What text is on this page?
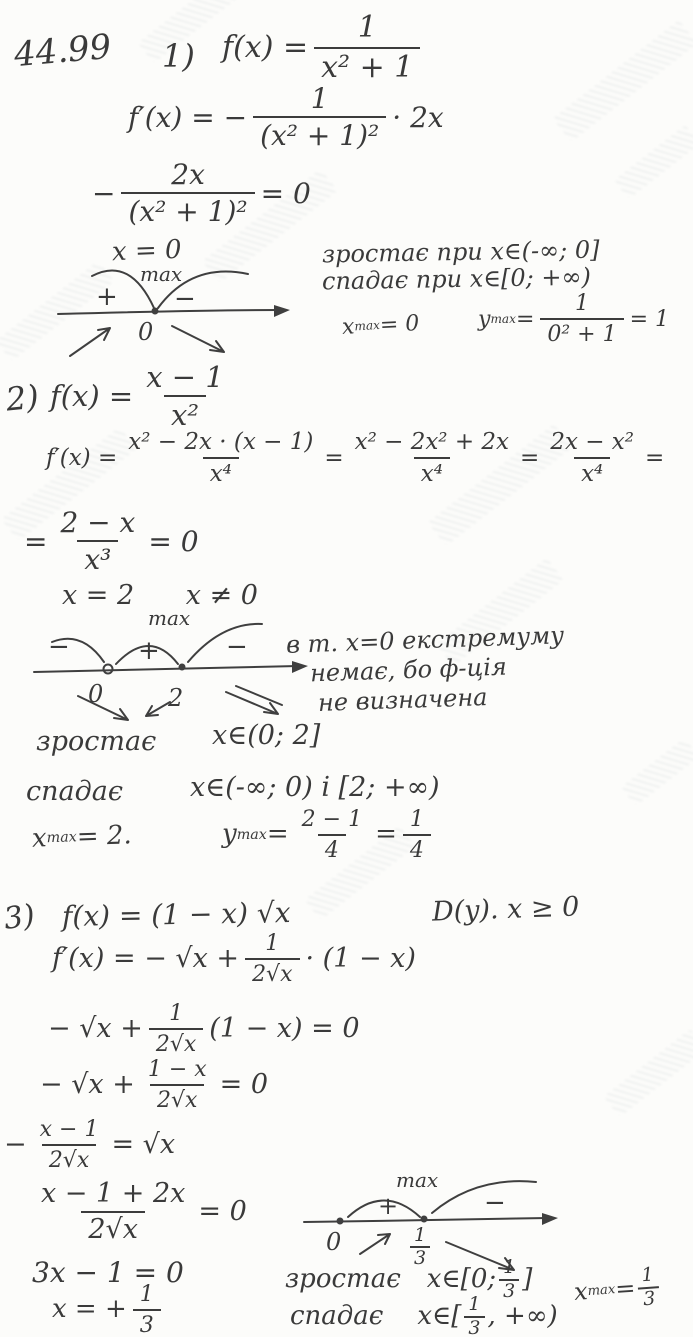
44.99 1) $f(x) = \frac{1}{\text{x² + 1}}$
f′(x) = − $\frac{1}{\text{(x² + 1)²}} \cdot 2x$
− $\frac{2x}{\text{(x² + 1)²}} = 0$
x = 0
max
+ −
0
зростає при x∈(-∞; 0]
спадає при x∈[0; +∞)
x
max
= 0	y $\max = \frac{1}{\text{0² + 1}} = 1$
2) $f(x) = \frac{x - 1}{\text{x²}}$
$f'(x) = \frac{\text{x² − 2x · (x − 1)}}{\text{x⁴}} = \frac{\text{x² − 2x² + 2x}}{\text{x⁴}} = \frac{\text{2x − x²}}{\text{x⁴}}$ =
= $\frac{2 - x}{\text{x³}} = 0$
x = 2      x ≠ 0
−	+	−
max
0	2
в т. x=0 екстремуму
немає, бо ф-ція
не визначена
зростає x∈(0; 2]
спадає x∈(-∞; 0) і [2; +∞)
x max = 2.	y $\max = \frac{2 - 1}{4} = \frac{1}{4}$
3) f(x) = (1 − x) √x	D(y). x ≥ 0
f′(x) = − $√x + \frac{1}{2√x} \cdot (1 - x)$
− $√x + \frac{1}{2√x} (1 - x) = 0$
− $√x + \frac{1 - x}{2√x} = 0$
− $\frac{x - 1}{2√x} = √x$
$\frac{x - 1 + 2x}{2√x} = 0$
3x − 1 = 0
x = + $\frac{1}{3}$
max
+	−
0	$\frac{1}{3}$
зростає x∈[0; $\frac{1}{3}$ ]
спадає x∈[ $\frac{1}{3}$ , +∞)
x
max
= $\frac{1}{3}$
